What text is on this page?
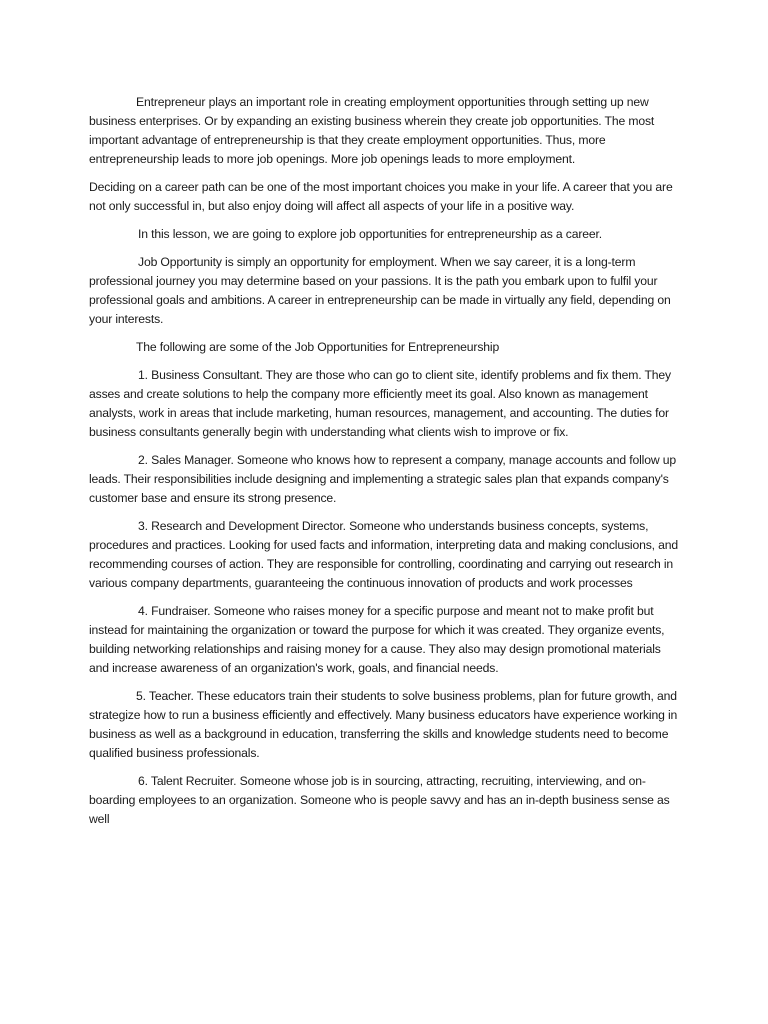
Entrepreneur plays an important role in creating employment opportunities through setting up new business enterprises. Or by expanding an existing business wherein they create job opportunities. The most important advantage of entrepreneurship is that they create employment opportunities. Thus, more entrepreneurship leads to more job openings. More job openings leads to more employment.

Deciding on a career path can be one of the most important choices you make in your life. A career that you are not only successful in, but also enjoy doing will affect all aspects of your life in a positive way.

In this lesson, we are going to explore job opportunities for entrepreneurship as a career.

Job Opportunity is simply an opportunity for employment. When we say career, it is a long-term professional journey you may determine based on your passions. It is the path you embark upon to fulfil your professional goals and ambitions. A career in entrepreneurship can be made in virtually any field, depending on your interests.

The following are some of the Job Opportunities for Entrepreneurship

1. Business Consultant. They are those who can go to client site, identify problems and fix them. They asses and create solutions to help the company more efficiently meet its goal. Also known as management analysts, work in areas that include marketing, human resources, management, and accounting. The duties for business consultants generally begin with understanding what clients wish to improve or fix.

2. Sales Manager. Someone who knows how to represent a company, manage accounts and follow up leads. Their responsibilities include designing and implementing a strategic sales plan that expands company's customer base and ensure its strong presence.

3. Research and Development Director. Someone who understands business concepts, systems, procedures and practices. Looking for used facts and information, interpreting data and making conclusions, and recommending courses of action. They are responsible for controlling, coordinating and carrying out research in various company departments, guaranteeing the continuous innovation of products and work processes

4. Fundraiser. Someone who raises money for a specific purpose and meant not to make profit but instead for maintaining the organization or toward the purpose for which it was created. They organize events, building networking relationships and raising money for a cause. They also may design promotional materials and increase awareness of an organization's work, goals, and financial needs.

5. Teacher. These educators train their students to solve business problems, plan for future growth, and strategize how to run a business efficiently and effectively. Many business educators have experience working in business as well as a background in education, transferring the skills and knowledge students need to become qualified business professionals.

6. Talent Recruiter. Someone whose job is in sourcing, attracting, recruiting, interviewing, and on-boarding employees to an organization. Someone who is people savvy and has an in-depth business sense as well
